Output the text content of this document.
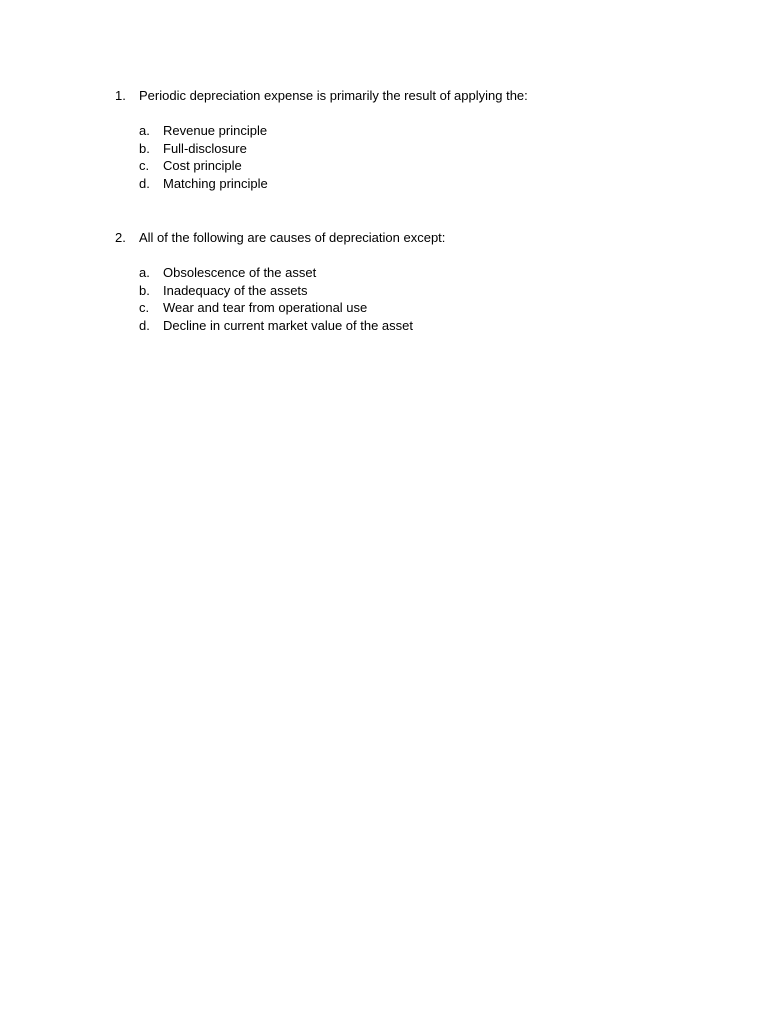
1.	Periodic depreciation expense is primarily the result of applying the:
a.	Revenue principle
b.	Full-disclosure
c.	Cost principle
d.	Matching principle
2.	All of the following are causes of depreciation except:
a.	Obsolescence of the asset
b.	Inadequacy of the assets
c.	Wear and tear from operational use
d.	Decline in current market value of the asset
